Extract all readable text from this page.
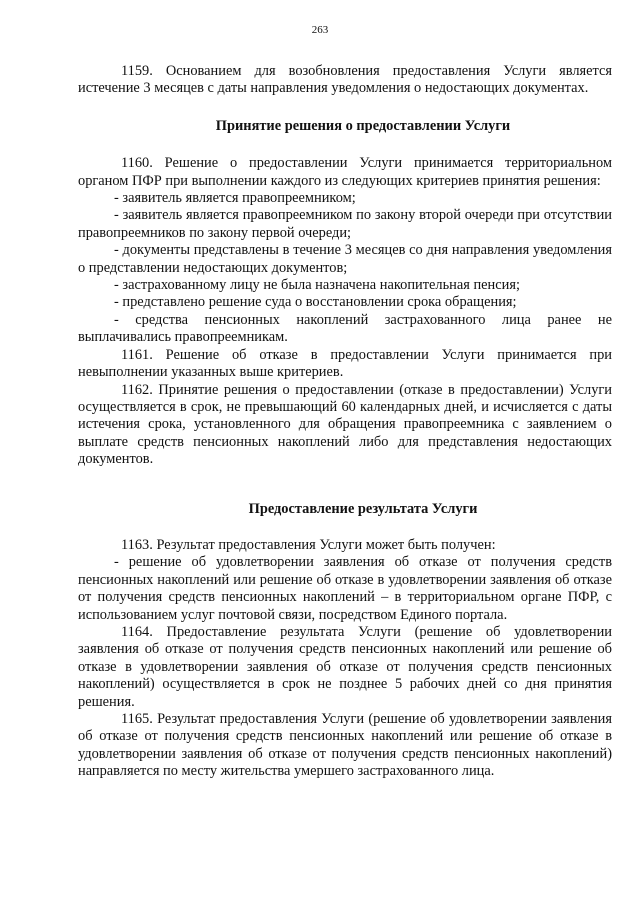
263

1159. Основанием для возобновления предоставления Услуги является истечение 3 месяцев с даты направления уведомления о недостающих документах.

Принятие решения о предоставлении Услуги

1160. Решение о предоставлении Услуги принимается территориальном органом ПФР при выполнении каждого из следующих критериев принятия решения:

- заявитель является правопреемником;

- заявитель является правопреемником по закону второй очереди при отсутствии правопреемников по закону первой очереди;

- документы представлены в течение 3 месяцев со дня направления уведомления о представлении недостающих документов;

- застрахованному лицу не была назначена накопительная пенсия;

- представлено решение суда о восстановлении срока обращения;

- средства пенсионных накоплений застрахованного лица ранее не выплачивались правопреемникам.

1161. Решение об отказе в предоставлении Услуги принимается при невыполнении указанных выше критериев.

1162. Принятие решения о предоставлении (отказе в предоставлении) Услуги осуществляется в срок, не превышающий 60 календарных дней, и исчисляется с даты истечения срока, установленного для обращения правопреемника с заявлением о выплате средств пенсионных накоплений либо для представления недостающих документов.

Предоставление результата Услуги

1163. Результат предоставления Услуги может быть получен:

- решение об удовлетворении заявления об отказе от получения средств пенсионных накоплений или решение об отказе в удовлетворении заявления об отказе от получения средств пенсионных накоплений – в территориальном органе ПФР, с использованием услуг почтовой связи, посредством Единого портала.

1164. Предоставление результата Услуги (решение об удовлетворении заявления об отказе от получения средств пенсионных накоплений или решение об отказе в удовлетворении заявления об отказе от получения средств пенсионных накоплений) осуществляется в срок не позднее 5 рабочих дней со дня принятия решения.

1165. Результат предоставления Услуги (решение об удовлетворении заявления об отказе от получения средств пенсионных накоплений или решение об отказе в удовлетворении заявления об отказе от получения средств пенсионных накоплений) направляется по месту жительства умершего застрахованного лица.
